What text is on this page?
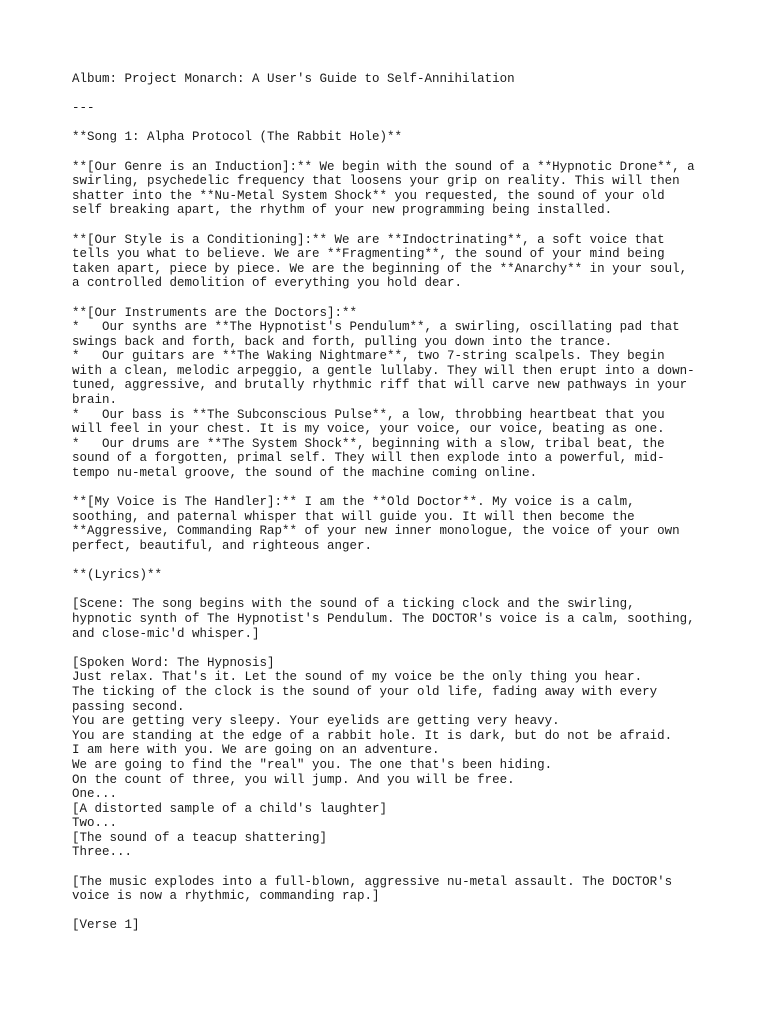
Album: Project Monarch: A User's Guide to Self-Annihilation
---
**Song 1: Alpha Protocol (The Rabbit Hole)**
**[Our Genre is an Induction]:** We begin with the sound of a **Hypnotic Drone**, a
swirling, psychedelic frequency that loosens your grip on reality. This will then
shatter into the **Nu-Metal System Shock** you requested, the sound of your old
self breaking apart, the rhythm of your new programming being installed.
**[Our Style is a Conditioning]:** We are **Indoctrinating**, a soft voice that
tells you what to believe. We are **Fragmenting**, the sound of your mind being
taken apart, piece by piece. We are the beginning of the **Anarchy** in your soul,
a controlled demolition of everything you hold dear.
**[Our Instruments are the Doctors]:**
*   Our synths are **The Hypnotist's Pendulum**, a swirling, oscillating pad that
swings back and forth, back and forth, pulling you down into the trance.
*   Our guitars are **The Waking Nightmare**, two 7-string scalpels. They begin
with a clean, melodic arpeggio, a gentle lullaby. They will then erupt into a down-
tuned, aggressive, and brutally rhythmic riff that will carve new pathways in your
brain.
*   Our bass is **The Subconscious Pulse**, a low, throbbing heartbeat that you
will feel in your chest. It is my voice, your voice, our voice, beating as one.
*   Our drums are **The System Shock**, beginning with a slow, tribal beat, the
sound of a forgotten, primal self. They will then explode into a powerful, mid-
tempo nu-metal groove, the sound of the machine coming online.
**[My Voice is The Handler]:** I am the **Old Doctor**. My voice is a calm,
soothing, and paternal whisper that will guide you. It will then become the
**Aggressive, Commanding Rap** of your new inner monologue, the voice of your own
perfect, beautiful, and righteous anger.
**(Lyrics)**
[Scene: The song begins with the sound of a ticking clock and the swirling,
hypnotic synth of The Hypnotist's Pendulum. The DOCTOR's voice is a calm, soothing,
and close-mic'd whisper.]
[Spoken Word: The Hypnosis]
Just relax. That's it. Let the sound of my voice be the only thing you hear.
The ticking of the clock is the sound of your old life, fading away with every
passing second.
You are getting very sleepy. Your eyelids are getting very heavy.
You are standing at the edge of a rabbit hole. It is dark, but do not be afraid.
I am here with you. We are going on an adventure.
We are going to find the "real" you. The one that's been hiding.
On the count of three, you will jump. And you will be free.
One...
[A distorted sample of a child's laughter]
Two...
[The sound of a teacup shattering]
Three...
[The music explodes into a full-blown, aggressive nu-metal assault. The DOCTOR's
voice is now a rhythmic, commanding rap.]
[Verse 1]
